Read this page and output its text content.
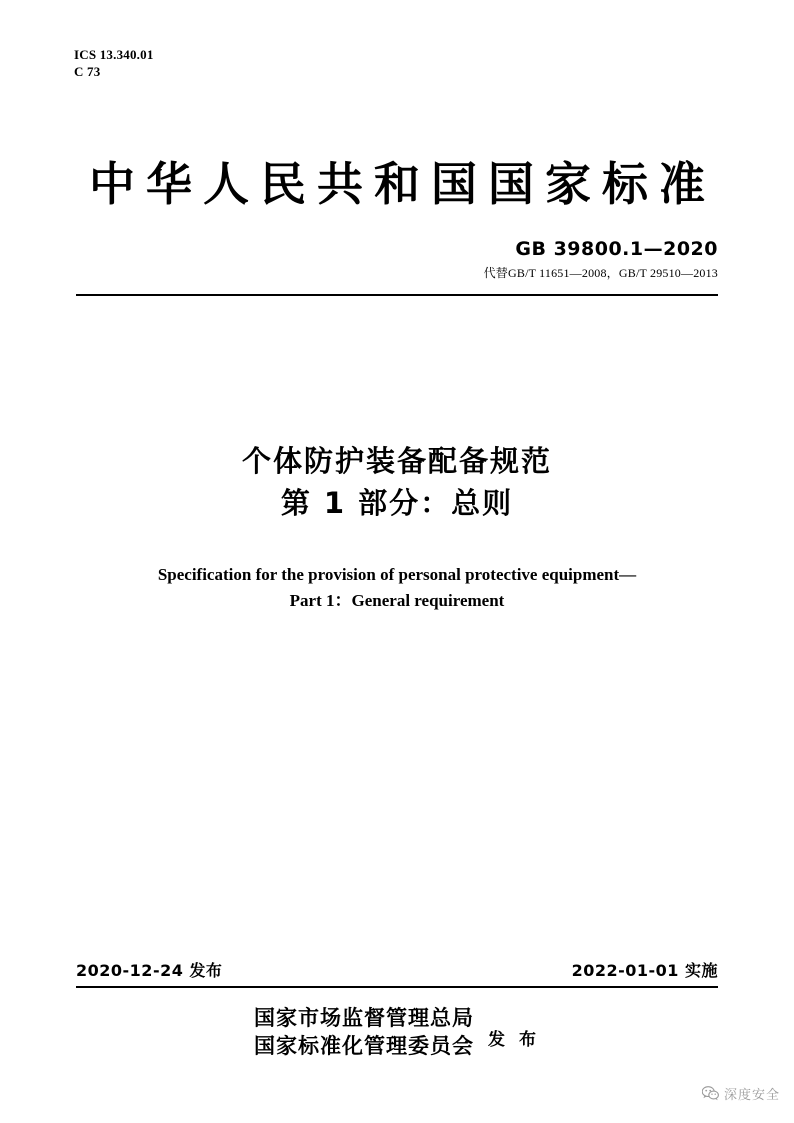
ICS 13.340.01
C 73
中华人民共和国国家标准
GB 39800.1—2020
代替GB/T 11651—2008，GB/T 29510—2013
个体防护装备配备规范
第 1 部分：总则
Specification for the provision of personal protective equipment—
Part 1：General requirement
2020-12-24 发布	2022-01-01 实施
国家市场监督管理总局
国家标准化管理委员会 发 布
深度安全
